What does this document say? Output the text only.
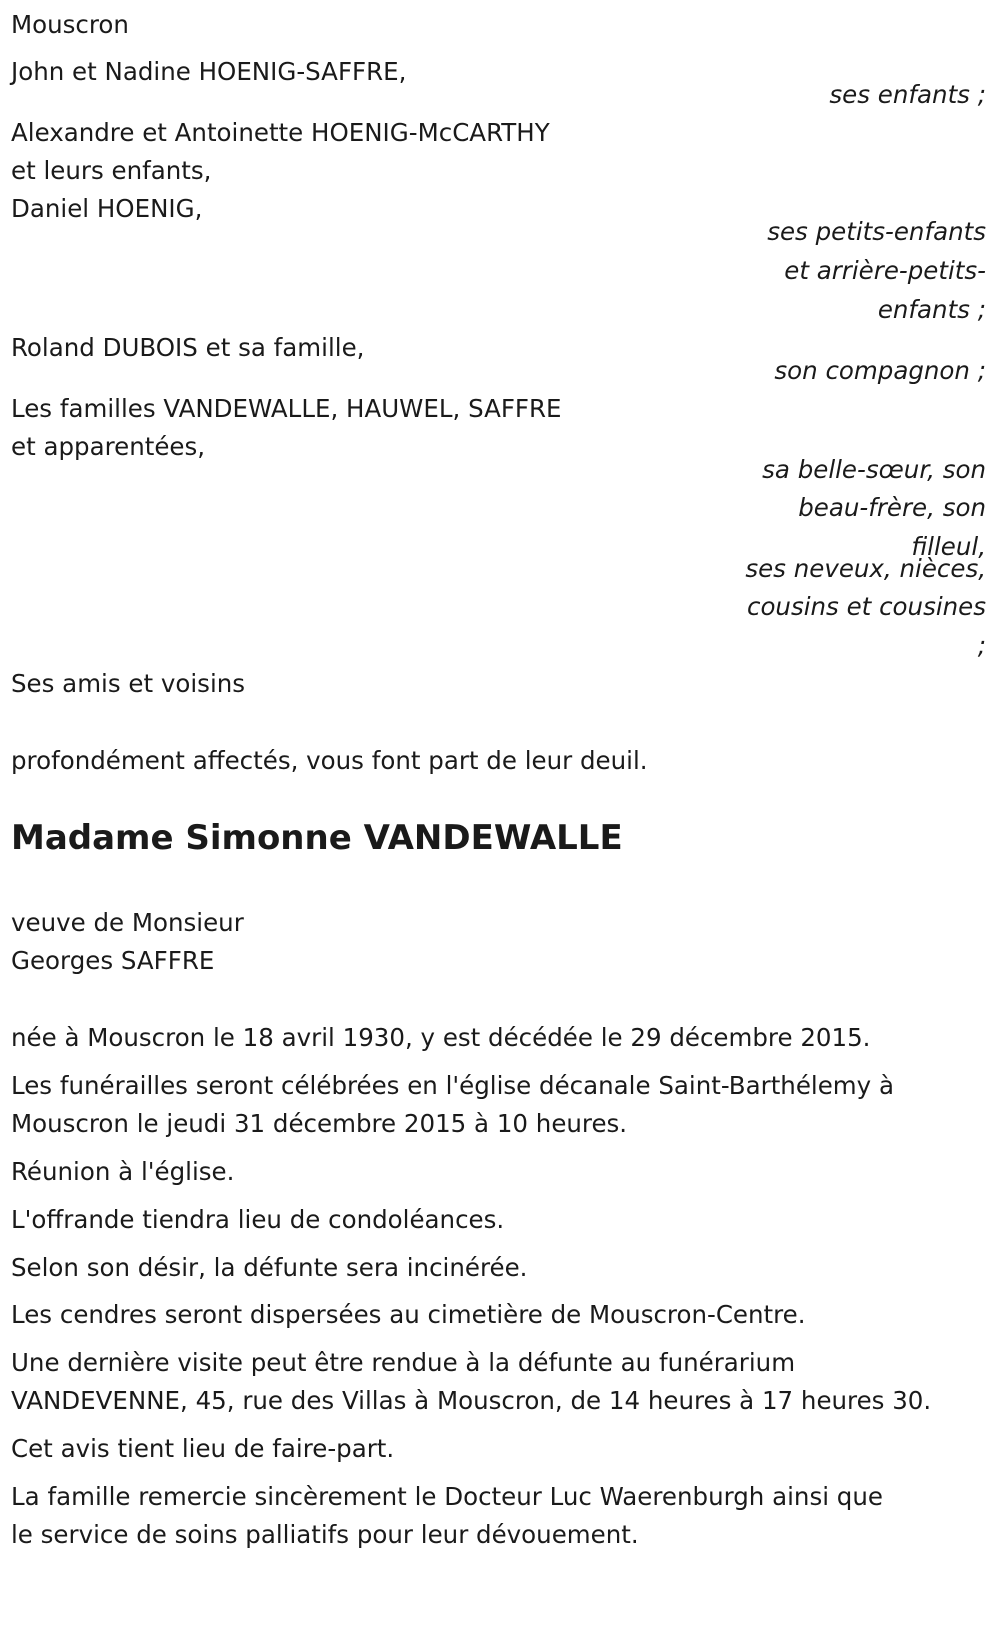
Mouscron

John et Nadine HOENIG-SAFFRE,

ses enfants ;

Alexandre et Antoinette HOENIG-McCARTHY

et leurs enfants,

Daniel HOENIG,

ses petits-enfants

et arrière-petits-

enfants ;

Roland DUBOIS et sa famille,

son compagnon ;

Les familles VANDEWALLE, HAUWEL, SAFFRE

et apparentées,

sa belle-sœur, son

beau-frère, son

filleul,

ses neveux, nièces,

cousins et cousines

;

Ses amis et voisins

profondément affectés, vous font part de leur deuil.

Madame Simonne VANDEWALLE

veuve de Monsieur

Georges SAFFRE

née à Mouscron le 18 avril 1930, y est décédée le 29 décembre 2015.

Les funérailles seront célébrées en l'église décanale Saint-Barthélemy à

Mouscron le jeudi 31 décembre 2015 à 10 heures.

Réunion à l'église.

L'offrande tiendra lieu de condoléances.

Selon son désir, la défunte sera incinérée.

Les cendres seront dispersées au cimetière de Mouscron-Centre.

Une dernière visite peut être rendue à la défunte au funérarium

VANDEVENNE, 45, rue des Villas à Mouscron, de 14 heures à 17 heures 30.

Cet avis tient lieu de faire-part.

La famille remercie sincèrement le Docteur Luc Waerenburgh ainsi que

le service de soins palliatifs pour leur dévouement.
